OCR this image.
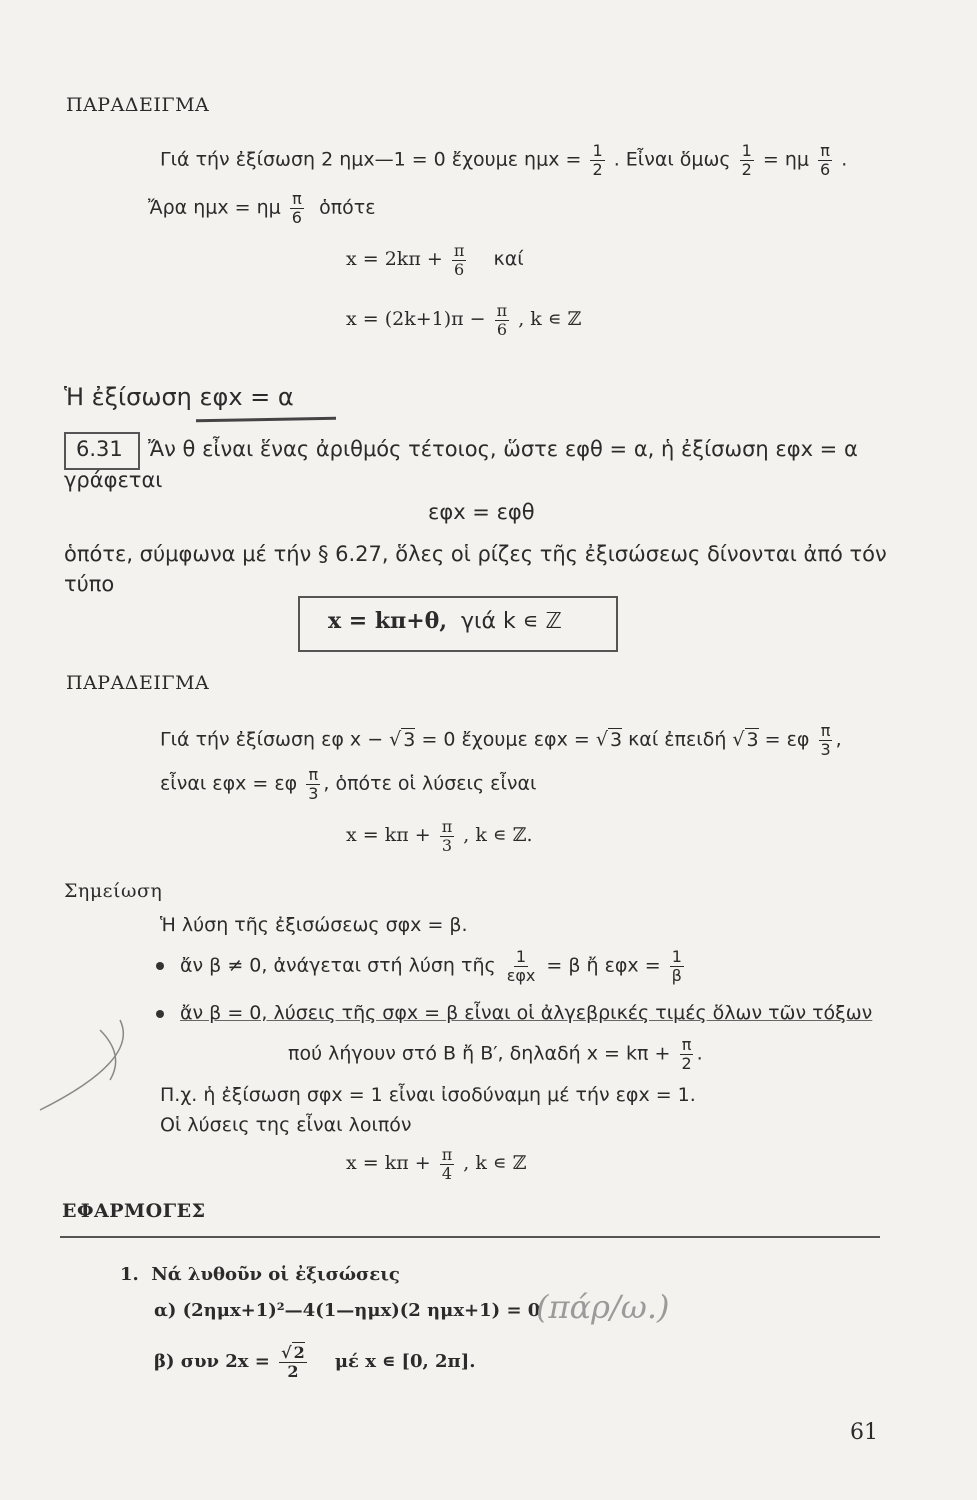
ΠΑΡΑΔΕΙΓΜΑ
Γιά τήν ἐξίσωση 2 ημx—1 = 0 ἔχουμε $\eta\mu x = \frac{1}{2}$ . Εἶναι ὅμως $\frac{1}{2} = \eta\mu \frac{\pi}{6}$ .
Ἄρα ημx = ημ $\frac{\pi}{6}$ ὁπότε
$x = 2k\pi + \frac{\pi}{6}$ καί
$x = (2k+1)\pi - \frac{\pi}{6}$ , k ∊ ℤ
Ἡ ἐξίσωση εφx = α
6.31 Ἄν θ εἶναι ἕνας ἀριθμός τέτοιος, ὥστε εφθ = α, ἡ ἐξίσωση εφx = α
γράφεται
εφx = εφθ
ὁπότε, σύμφωνα μέ τήν § 6.27, ὅλες οἱ ρίζες τῆς ἐξισώσεως δίνονται ἀπό τόν
τύπο
x = kπ+θ, γιά k ∊ ℤ
ΠΑΡΑΔΕΙΓΜΑ
Γιά τήν ἐξίσωση εφ x − √ 3 = 0 ἔχουμε εφx = √ 3 καί ἐπειδή √ 3 = εφ $\frac{\pi}{3}$ ,
εἶναι εφx = εφ $\frac{\pi}{3}$ , ὁπότε οἱ λύσεις εἶναι
$x = k\pi + \frac{\pi}{3}$ , k ∊ ℤ.
Σημείωση
Ἡ λύση τῆς ἐξισώσεως σφx = β.
ἄν β ≠ 0, ἀνάγεται στή λύση τῆς $\frac{1}{\text{εφx}} = \beta$ ἤ $\varepsilon\varphi x = \frac{1}{\beta}$
ἄν β = 0, λύσεις τῆς σφx = β εἶναι οἱ ἀλγεβρικές τιμές ὅλων τῶν τόξων
πού λήγουν στό Β ἤ Β′, δηλαδή $x = k\pi + \frac{\pi}{2}$ .
Π.χ. ἡ ἐξίσωση σφx = 1 εἶναι ἰσοδύναμη μέ τήν εφx = 1.
Οἱ λύσεις της εἶναι λοιπόν
$x = k\pi + \frac{\pi}{4}$ , k ∊ ℤ
ΕΦΑΡΜΟΓΕΣ
1. Νά λυθοῦν οἱ ἐξισώσεις
α) (2ημx+1)²—4(1—ημx)(2 ημx+1) = 0
(πάρ/ω.)
β) συν $2x = \frac{√ 2}{2}$ μέ x ∊ [0, 2π].
61
